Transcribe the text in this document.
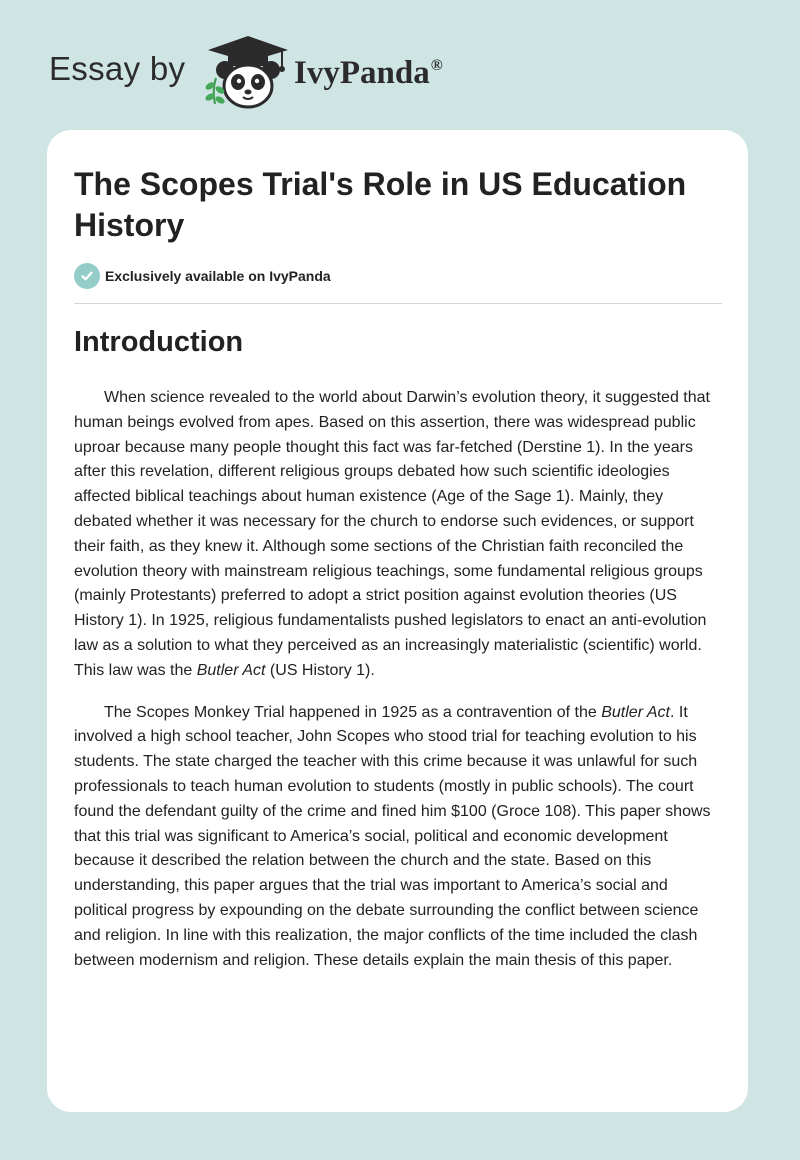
Essay by	IvyPanda®
The Scopes Trial's Role in US Education History
Exclusively available on IvyPanda
Introduction

When science revealed to the world about Darwin’s evolution theory, it suggested that human beings evolved from apes. Based on this assertion, there was widespread public uproar because many people thought this fact was far-fetched (Derstine 1). In the years after this revelation, different religious groups debated how such scientific ideologies affected biblical teachings about human existence (Age of the Sage 1). Mainly, they debated whether it was necessary for the church to endorse such evidences, or support their faith, as they knew it. Although some sections of the Christian faith reconciled the evolution theory with mainstream religious teachings, some fundamental religious groups (mainly Protestants) preferred to adopt a strict position against evolution theories (US History 1). In 1925, religious fundamentalists pushed legislators to enact an anti-evolution law as a solution to what they perceived as an increasingly materialistic (scientific) world. This law was the Butler Act (US History 1).

The Scopes Monkey Trial happened in 1925 as a contravention of the Butler Act. It involved a high school teacher, John Scopes who stood trial for teaching evolution to his students. The state charged the teacher with this crime because it was unlawful for such professionals to teach human evolution to students (mostly in public schools). The court found the defendant guilty of the crime and fined him $100 (Groce 108). This paper shows that this trial was significant to America’s social, political and economic development because it described the relation between the church and the state. Based on this understanding, this paper argues that the trial was important to America’s social and political progress by expounding on the debate surrounding the conflict between science and religion. In line with this realization, the major conflicts of the time included the clash between modernism and religion. These details explain the main thesis of this paper.
